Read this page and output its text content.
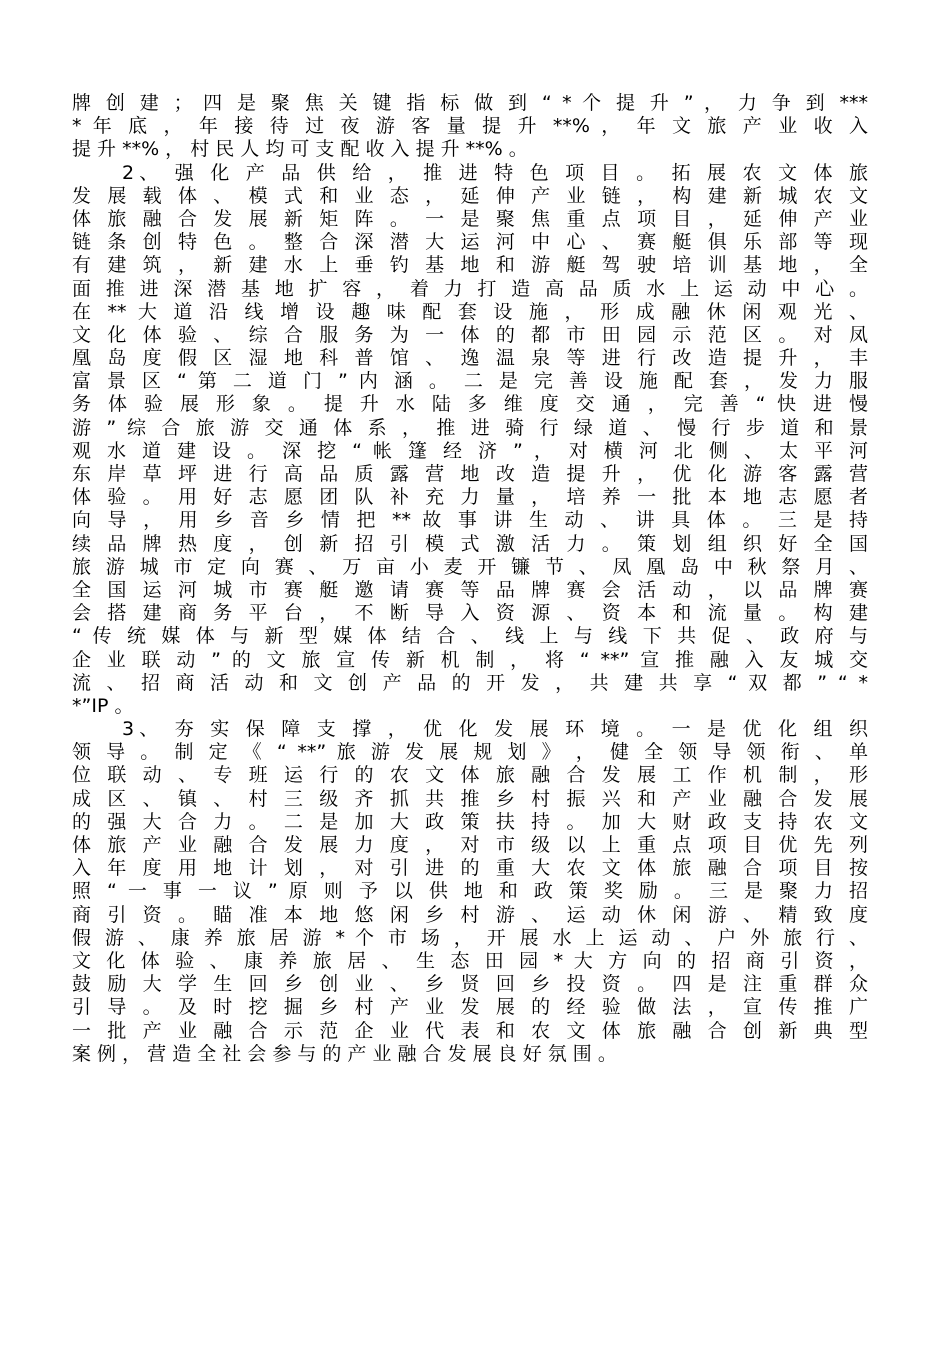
牌 创 建 ； 四 是 聚 焦 关 键 指 标 做 到 “ * 个 提 升 ” ， 力 争 到 ***
* 年 底 ， 年 接 待 过 夜 游 客 量 提 升 **% ， 年 文 旅 产 业 收 入
提 升 **% ， 村 民 人 均 可 支 配 收 入 提 升 **% 。
2、 强 化 产 品 供 给 ， 推 进 特 色 项 目 。 拓 展 农 文 体 旅
发 展 载 体 、 模 式 和 业 态 ， 延 伸 产 业 链 ， 构 建 新 城 农 文
体 旅 融 合 发 展 新 矩 阵 。 一 是 聚 焦 重 点 项 目 ， 延 伸 产 业
链 条 创 特 色 。 整 合 深 潜 大 运 河 中 心 、 赛 艇 俱 乐 部 等 现
有 建 筑 ， 新 建 水 上 垂 钓 基 地 和 游 艇 驾 驶 培 训 基 地 ， 全
面 推 进 深 潜 基 地 扩 容 ， 着 力 打 造 高 品 质 水 上 运 动 中 心 。
在 ** 大 道 沿 线 增 设 趣 味 配 套 设 施 ， 形 成 融 休 闲 观 光 、
文 化 体 验 、 综 合 服 务 为 一 体 的 都 市 田 园 示 范 区 。 对 凤
凰 岛 度 假 区 湿 地 科 普 馆 、 逸 温 泉 等 进 行 改 造 提 升 ， 丰
富 景 区 “ 第 二 道 门 ” 内 涵 。 二 是 完 善 设 施 配 套 ， 发 力 服
务 体 验 展 形 象 。 提 升 水 陆 多 维 度 交 通 ， 完 善 “ 快 进 慢
游 ” 综 合 旅 游 交 通 体 系 ， 推 进 骑 行 绿 道 、 慢 行 步 道 和 景
观 水 道 建 设 。 深 挖 “ 帐 篷 经 济 ” ， 对 横 河 北 侧 、 太 平 河
东 岸 草 坪 进 行 高 品 质 露 营 地 改 造 提 升 ， 优 化 游 客 露 营
体 验 。 用 好 志 愿 团 队 补 充 力 量 ， 培 养 一 批 本 地 志 愿 者
向 导 ， 用 乡 音 乡 情 把 ** 故 事 讲 生 动 、 讲 具 体 。 三 是 持
续 品 牌 热 度 ， 创 新 招 引 模 式 激 活 力 。 策 划 组 织 好 全 国
旅 游 城 市 定 向 赛 、 万 亩 小 麦 开 镰 节 、 凤 凰 岛 中 秋 祭 月 、
全 国 运 河 城 市 赛 艇 邀 请 赛 等 品 牌 赛 会 活 动 ， 以 品 牌 赛
会 搭 建 商 务 平 台 ， 不 断 导 入 资 源 、 资 本 和 流 量 。 构 建
“ 传 统 媒 体 与 新 型 媒 体 结 合 、 线 上 与 线 下 共 促 、 政 府 与
企 业 联 动 ” 的 文 旅 宣 传 新 机 制 ， 将 “ **” 宣 推 融 入 友 城 交
流 、 招 商 活 动 和 文 创 产 品 的 开 发 ， 共 建 共 享 “ 双 都 ” “ *
*”IP 。
3、 夯 实 保 障 支 撑 ， 优 化 发 展 环 境 。 一 是 优 化 组 织
领 导 。 制 定 《 “ **” 旅 游 发 展 规 划 》 ， 健 全 领 导 领 衔 、 单
位 联 动 、 专 班 运 行 的 农 文 体 旅 融 合 发 展 工 作 机 制 ， 形
成 区 、 镇 、 村 三 级 齐 抓 共 推 乡 村 振 兴 和 产 业 融 合 发 展
的 强 大 合 力 。 二 是 加 大 政 策 扶 持 。 加 大 财 政 支 持 农 文
体 旅 产 业 融 合 发 展 力 度 ， 对 市 级 以 上 重 点 项 目 优 先 列
入 年 度 用 地 计 划 ， 对 引 进 的 重 大 农 文 体 旅 融 合 项 目 按
照 “ 一 事 一 议 ” 原 则 予 以 供 地 和 政 策 奖 励 。 三 是 聚 力 招
商 引 资 。 瞄 准 本 地 悠 闲 乡 村 游 、 运 动 休 闲 游 、 精 致 度
假 游 、 康 养 旅 居 游 * 个 市 场 ， 开 展 水 上 运 动 、 户 外 旅 行 、
文 化 体 验 、 康 养 旅 居 、 生 态 田 园 * 大 方 向 的 招 商 引 资 ，
鼓 励 大 学 生 回 乡 创 业 、 乡 贤 回 乡 投 资 。 四 是 注 重 群 众
引 导 。 及 时 挖 掘 乡 村 产 业 发 展 的 经 验 做 法 ， 宣 传 推 广
一 批 产 业 融 合 示 范 企 业 代 表 和 农 文 体 旅 融 合 创 新 典 型
案 例 ， 营 造 全 社 会 参 与 的 产 业 融 合 发 展 良 好 氛 围 。
